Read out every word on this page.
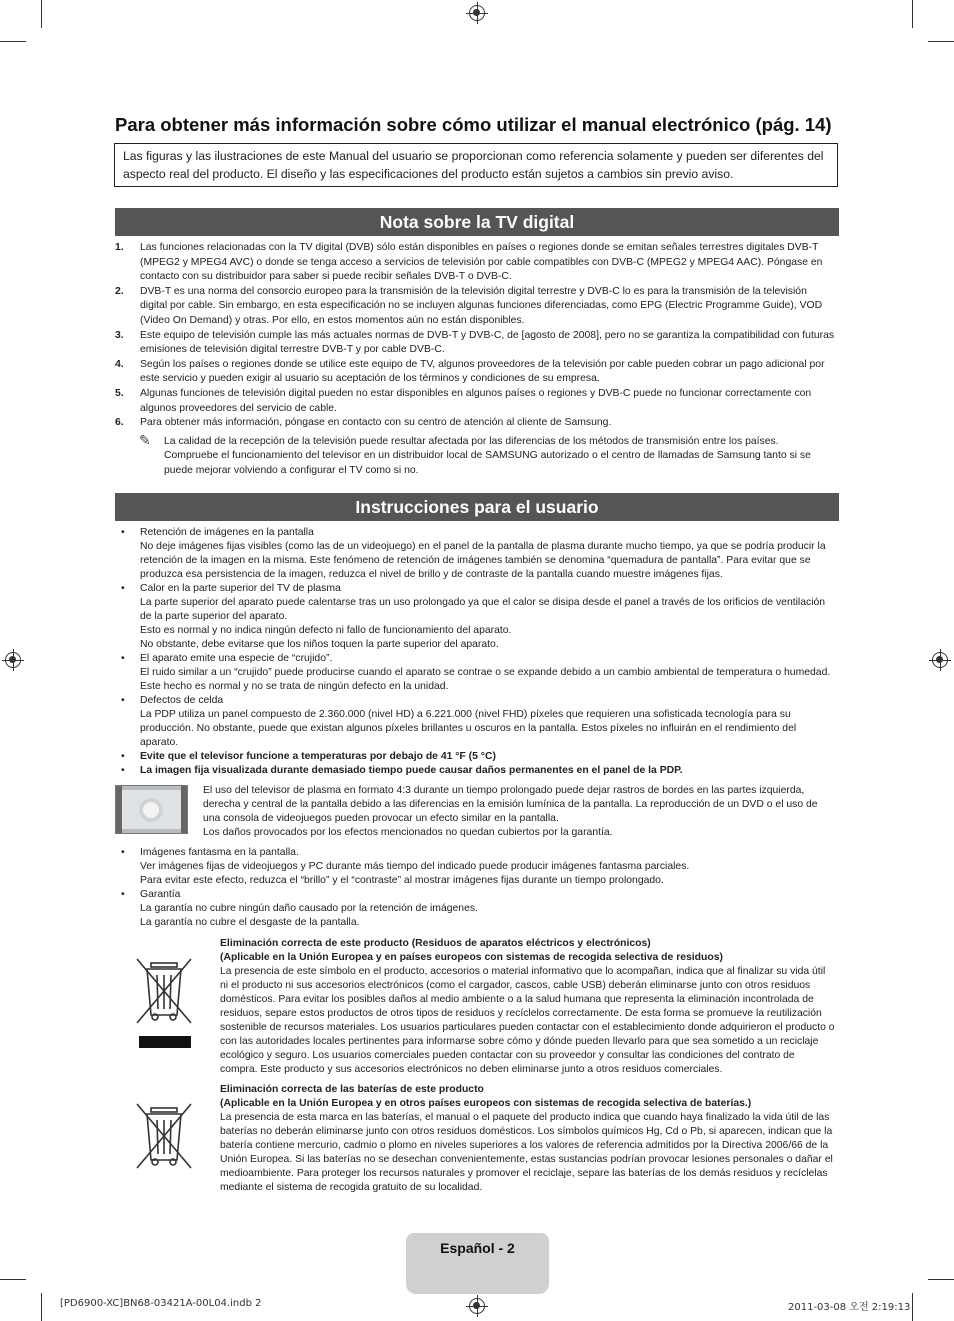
Para obtener más información sobre cómo utilizar el manual electrónico (pág. 14)
Las figuras y las ilustraciones de este Manual del usuario se proporcionan como referencia solamente y pueden ser diferentes del aspecto real del producto. El diseño y las especificaciones del producto están sujetos a cambios sin previo aviso.
Nota sobre la TV digital
1. Las funciones relacionadas con la TV digital (DVB) sólo están disponibles en países o regiones donde se emitan señales terrestres digitales DVB-T (MPEG2 y MPEG4 AVC) o donde se tenga acceso a servicios de televisión por cable compatibles con DVB-C (MPEG2 y MPEG4 AAC). Póngase en contacto con su distribuidor para saber si puede recibir señales DVB-T o DVB-C.
2. DVB-T es una norma del consorcio europeo para la transmisión de la televisión digital terrestre y DVB-C lo es para la transmisión de la televisión digital por cable. Sin embargo, en esta especificación no se incluyen algunas funciones diferenciadas, como EPG (Electric Programme Guide), VOD (Video On Demand) y otras. Por ello, en estos momentos aún no están disponibles.
3. Este equipo de televisión cumple las más actuales normas de DVB-T y DVB-C, de [agosto de 2008], pero no se garantiza la compatibilidad con futuras emisiones de televisión digital terrestre DVB-T y por cable DVB-C.
4. Según los países o regiones donde se utilice este equipo de TV, algunos proveedores de la televisión por cable pueden cobrar un pago adicional por este servicio y pueden exigir al usuario su aceptación de los términos y condiciones de su empresa.
5. Algunas funciones de televisión digital pueden no estar disponibles en algunos países o regiones y DVB-C puede no funcionar correctamente con algunos proveedores del servicio de cable.
6. Para obtener más información, póngase en contacto con su centro de atención al cliente de Samsung.
✎ La calidad de la recepción de la televisión puede resultar afectada por las diferencias de los métodos de transmisión entre los países. Compruebe el funcionamiento del televisor en un distribuidor local de SAMSUNG autorizado o el centro de llamadas de Samsung tanto si se puede mejorar volviendo a configurar el TV como si no.
Instrucciones para el usuario
• Retención de imágenes en la pantalla
No deje imágenes fijas visibles (como las de un videojuego) en el panel de la pantalla de plasma durante mucho tiempo, ya que se podría producir la retención de la imagen en la misma. Este fenómeno de retención de imágenes también se denomina “quemadura de pantalla”. Para evitar que se produzca esa persistencia de la imagen, reduzca el nivel de brillo y de contraste de la pantalla cuando muestre imágenes fijas.
• Calor en la parte superior del TV de plasma
La parte superior del aparato puede calentarse tras un uso prolongado ya que el calor se disipa desde el panel a través de los orificios de ventilación de la parte superior del aparato.
Esto es normal y no indica ningún defecto ni fallo de funcionamiento del aparato.
No obstante, debe evitarse que los niños toquen la parte superior del aparato.
• El aparato emite una especie de “crujido”.
El ruido similar a un “crujido” puede producirse cuando el aparato se contrae o se expande debido a un cambio ambiental de temperatura o humedad. Este hecho es normal y no se trata de ningún defecto en la unidad.
• Defectos de celda
La PDP utiliza un panel compuesto de 2.360.000 (nivel HD) a 6.221.000 (nivel FHD) píxeles que requieren una sofisticada tecnología para su producción. No obstante, puede que existan algunos píxeles brillantes u oscuros en la pantalla. Estos píxeles no influirán en el rendimiento del aparato.
• Evite que el televisor funcione a temperaturas por debajo de 41 °F (5 °C)
• La imagen fija visualizada durante demasiado tiempo puede causar daños permanentes en el panel de la PDP.
El uso del televisor de plasma en formato 4:3 durante un tiempo prolongado puede dejar rastros de bordes en las partes izquierda, derecha y central de la pantalla debido a las diferencias en la emisión lumínica de la pantalla. La reproducción de un DVD o el uso de una consola de videojuegos pueden provocar un efecto similar en la pantalla.
Los daños provocados por los efectos mencionados no quedan cubiertos por la garantía.
• Imágenes fantasma en la pantalla.
Ver imágenes fijas de videojuegos y PC durante más tiempo del indicado puede producir imágenes fantasma parciales.
Para evitar este efecto, reduzca el “brillo” y el “contraste” al mostrar imágenes fijas durante un tiempo prolongado.
• Garantía
La garantía no cubre ningún daño causado por la retención de imágenes.
La garantía no cubre el desgaste de la pantalla.
Eliminación correcta de este producto (Residuos de aparatos eléctricos y electrónicos)
(Aplicable en la Unión Europea y en países europeos con sistemas de recogida selectiva de residuos)
La presencia de este símbolo en el producto, accesorios o material informativo que lo acompañan, indica que al finalizar su vida útil ni el producto ni sus accesorios electrónicos (como el cargador, cascos, cable USB) deberán eliminarse junto con otros residuos domésticos. Para evitar los posibles daños al medio ambiente o a la salud humana que representa la eliminación incontrolada de residuos, separe estos productos de otros tipos de residuos y recíclelos correctamente. De esta forma se promueve la reutilización sostenible de recursos materiales. Los usuarios particulares pueden contactar con el establecimiento donde adquirieron el producto o con las autoridades locales pertinentes para informarse sobre cómo y dónde pueden llevarlo para que sea sometido a un reciclaje ecológico y seguro. Los usuarios comerciales pueden contactar con su proveedor y consultar las condiciones del contrato de compra. Este producto y sus accesorios electrónicos no deben eliminarse junto a otros residuos comerciales.
Eliminación correcta de las baterías de este producto
(Aplicable en la Unión Europea y en otros países europeos con sistemas de recogida selectiva de baterías.)
La presencia de esta marca en las baterías, el manual o el paquete del producto indica que cuando haya finalizado la vida útil de las baterías no deberán eliminarse junto con otros residuos domésticos. Los símbolos químicos Hg, Cd o Pb, si aparecen, indican que la batería contiene mercurio, cadmio o plomo en niveles superiores a los valores de referencia admitidos por la Directiva 2006/66 de la Unión Europea. Si las baterías no se desechan convenientemente, estas sustancias podrían provocar lesiones personales o dañar el medioambiente. Para proteger los recursos naturales y promover el reciclaje, separe las baterías de los demás residuos y recíclelas mediante el sistema de recogida gratuito de su localidad.
Español - 2
[PD6900-XC]BN68-03421A-00L04.indb 2	2011-03-08 오전 2:19:13
